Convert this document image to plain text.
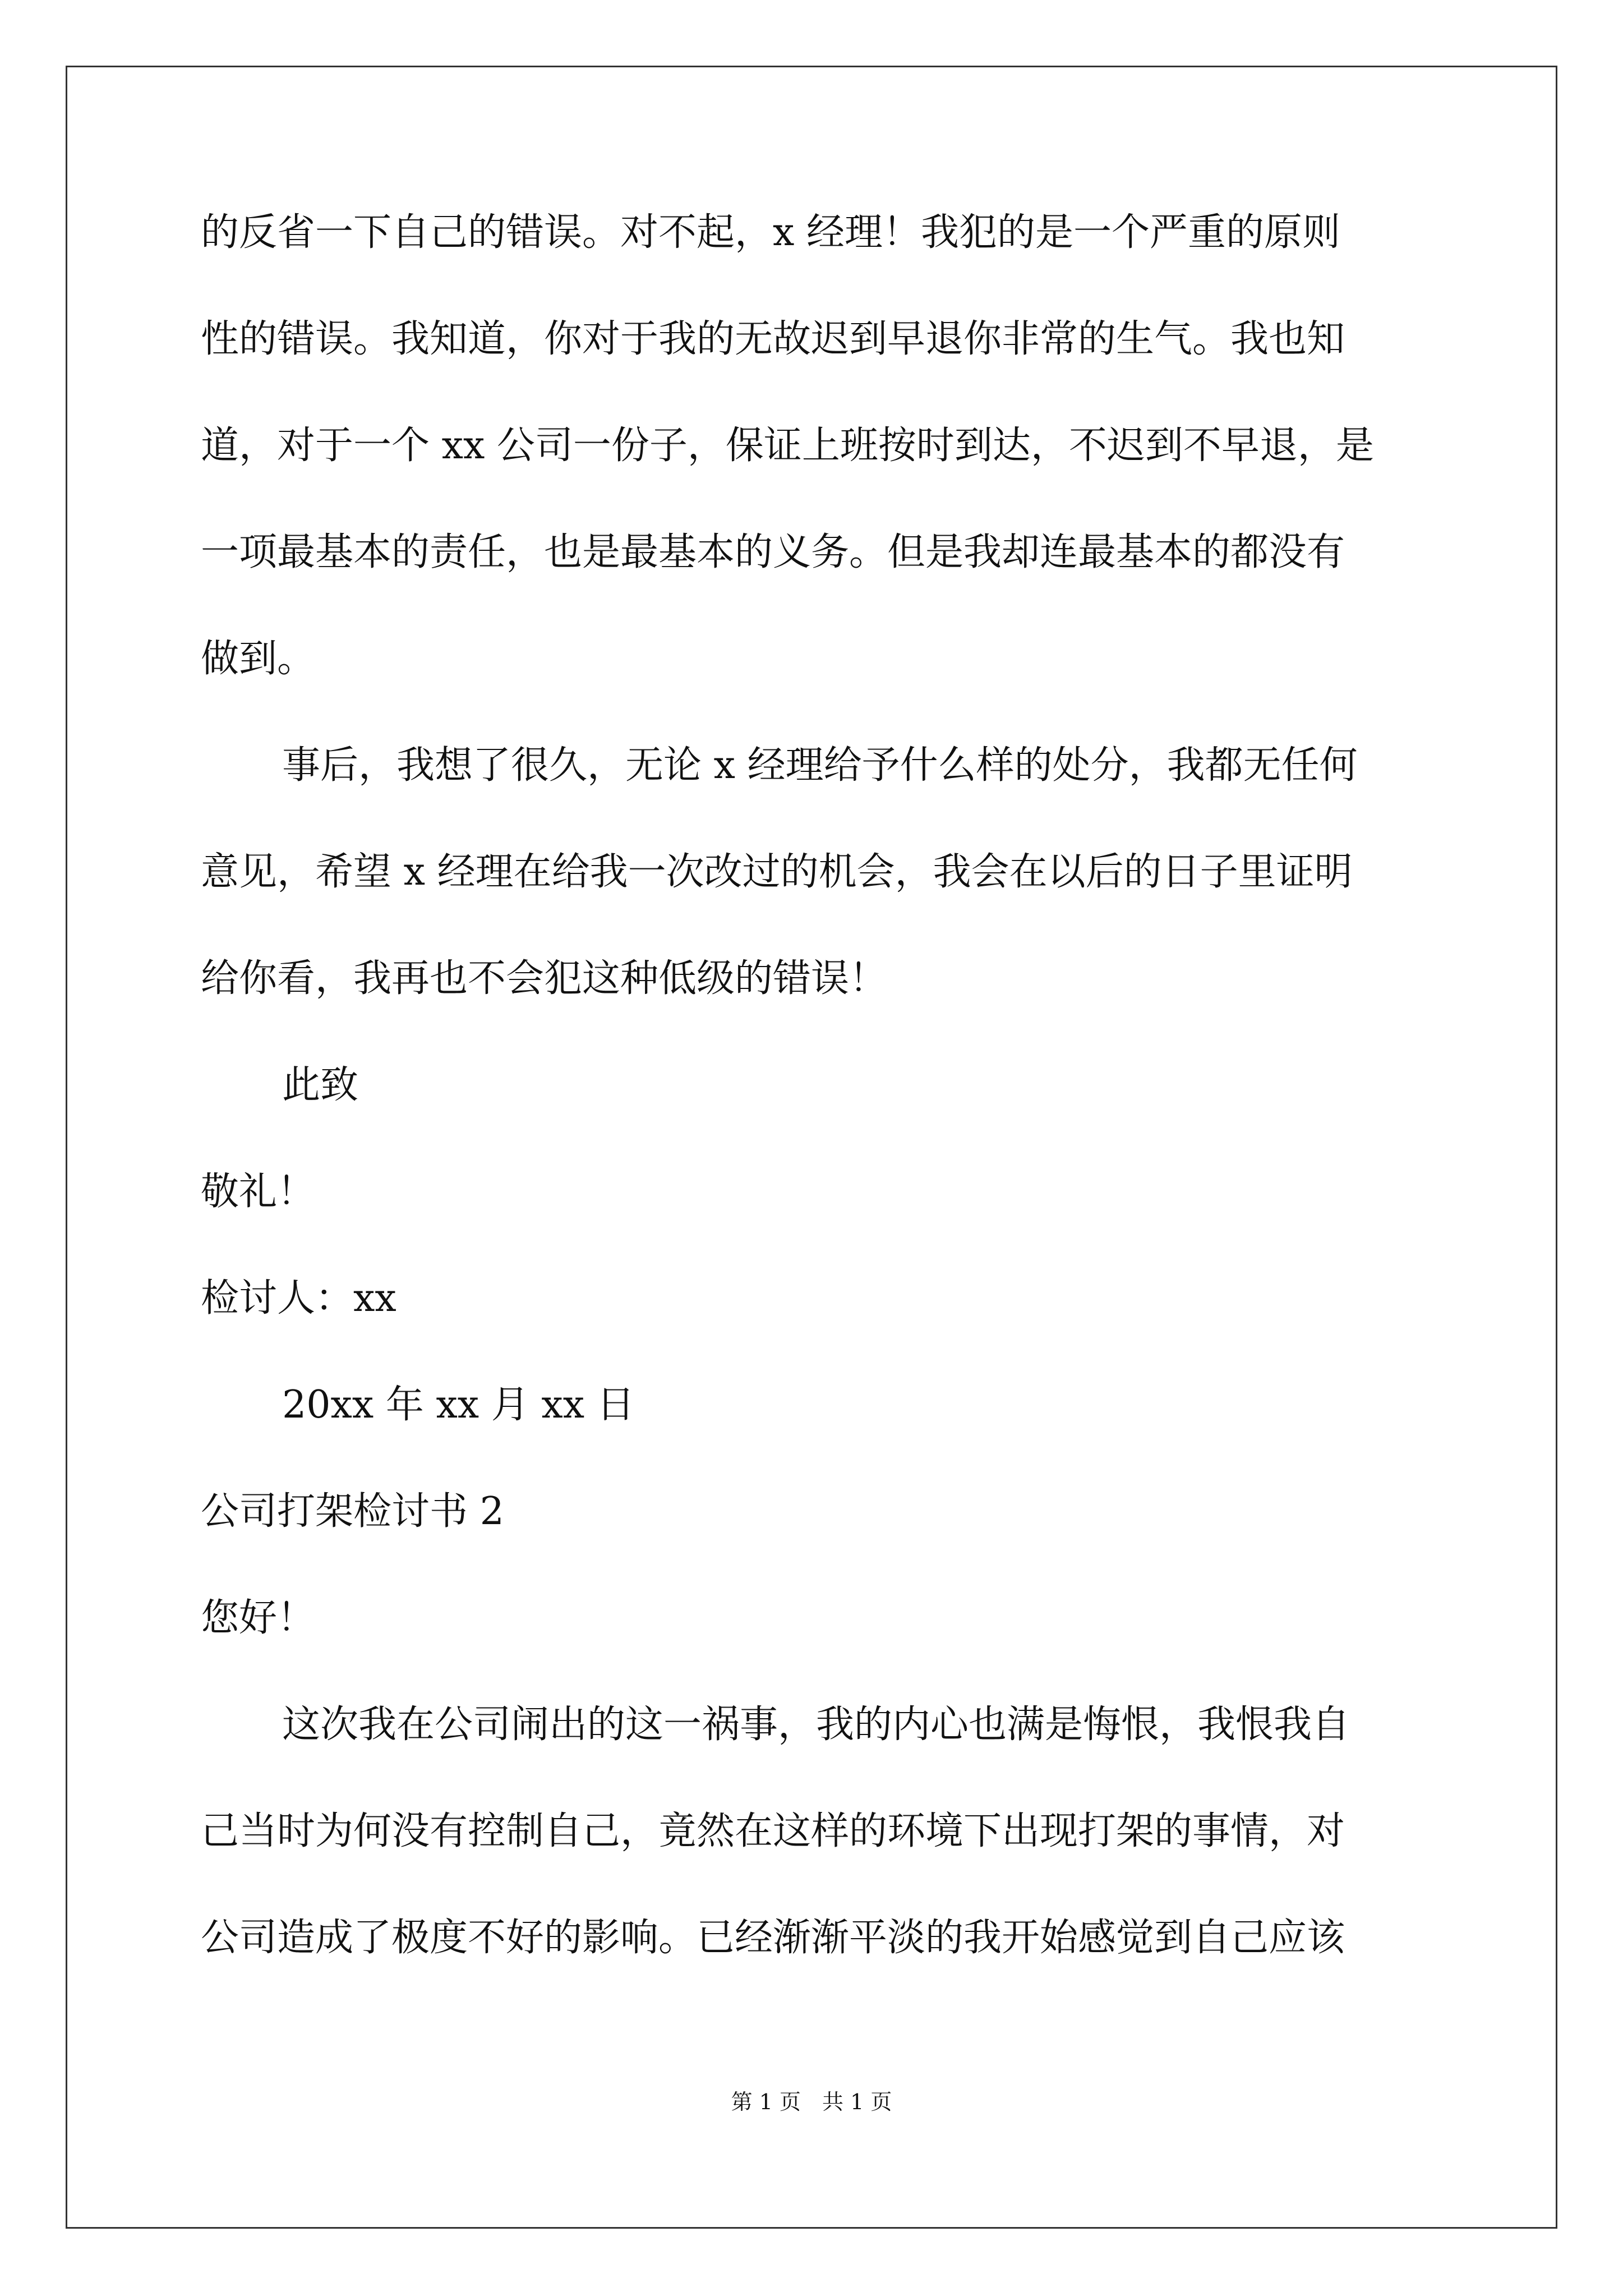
的反省一下自己的错误。对不起，x 经理！我犯的是一个严重的原则
性的错误。我知道，你对于我的无故迟到早退你非常的生气。我也知
道，对于一个 xx 公司一份子，保证上班按时到达，不迟到不早退，是
一项最基本的责任，也是最基本的义务。但是我却连最基本的都没有
做到。
事后，我想了很久，无论 x 经理给予什么样的处分，我都无任何
意见，希望 x 经理在给我一次改过的机会，我会在以后的日子里证明
给你看，我再也不会犯这种低级的错误！
此致
敬礼！
检讨人：xx
20xx 年 xx 月 xx 日
公司打架检讨书 2
您好！
这次我在公司闹出的这一祸事，我的内心也满是悔恨，我恨我自
己当时为何没有控制自己，竟然在这样的环境下出现打架的事情，对
公司造成了极度不好的影响。已经渐渐平淡的我开始感觉到自己应该
第 1 页　共 1 页
